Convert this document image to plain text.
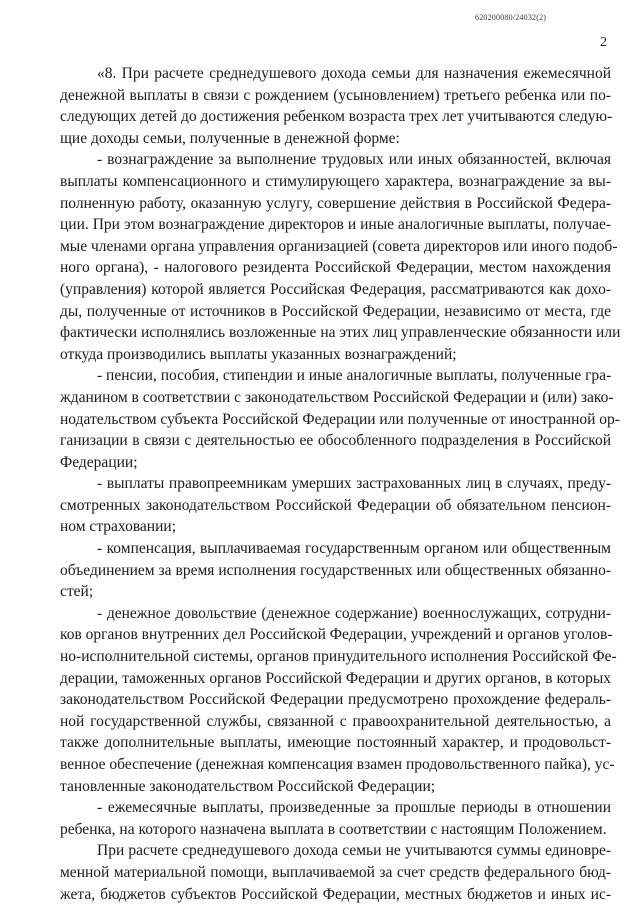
620200080/24032(2)
2
«8. При расчете среднедушевого дохода семьи для назначения ежемесячной
денежной выплаты в связи с рождением (усыновлением) третьего ребенка или по-
следующих детей до достижения ребенком возраста трех лет учитываются следую-
щие доходы семьи, полученные в денежной форме:
- вознаграждение за выполнение трудовых или иных обязанностей, включая
выплаты компенсационного и стимулирующего характера, вознаграждение за вы-
полненную работу, оказанную услугу, совершение действия в Российской Федера-
ции. При этом вознаграждение директоров и иные аналогичные выплаты, получае-
мые членами органа управления организацией (совета директоров или иного подоб-
ного органа), - налогового резидента Российской Федерации, местом нахождения
(управления) которой является Российская Федерация, рассматриваются как дохо-
ды, полученные от источников в Российской Федерации, независимо от места, где
фактически исполнялись возложенные на этих лиц управленческие обязанности или
откуда производились выплаты указанных вознаграждений;
- пенсии, пособия, стипендии и иные аналогичные выплаты, полученные гра-
жданином в соответствии с законодательством Российской Федерации и (или) зако-
нодательством субъекта Российской Федерации или полученные от иностранной ор-
ганизации в связи с деятельностью ее обособленного подразделения в Российской
Федерации;
- выплаты правопреемникам умерших застрахованных лиц в случаях, преду-
смотренных законодательством Российской Федерации об обязательном пенсион-
ном страховании;
- компенсация, выплачиваемая государственным органом или общественным
объединением за время исполнения государственных или общественных обязанно-
стей;
- денежное довольствие (денежное содержание) военнослужащих, сотрудни-
ков органов внутренних дел Российской Федерации, учреждений и органов уголов-
но-исполнительной системы, органов принудительного исполнения Российской Фе-
дерации, таможенных органов Российской Федерации и других органов, в которых
законодательством Российской Федерации предусмотрено прохождение федераль-
ной государственной службы, связанной с правоохранительной деятельностью, а
также дополнительные выплаты, имеющие постоянный характер, и продовольст-
венное обеспечение (денежная компенсация взамен продовольственного пайка), ус-
тановленные законодательством Российской Федерации;
- ежемесячные выплаты, произведенные за прошлые периоды в отношении
ребенка, на которого назначена выплата в соответствии с настоящим Положением.
При расчете среднедушевого дохода семьи не учитываются суммы единовре-
менной материальной помощи, выплачиваемой за счет средств федерального бюд-
жета, бюджетов субъектов Российской Федерации, местных бюджетов и иных ис-
